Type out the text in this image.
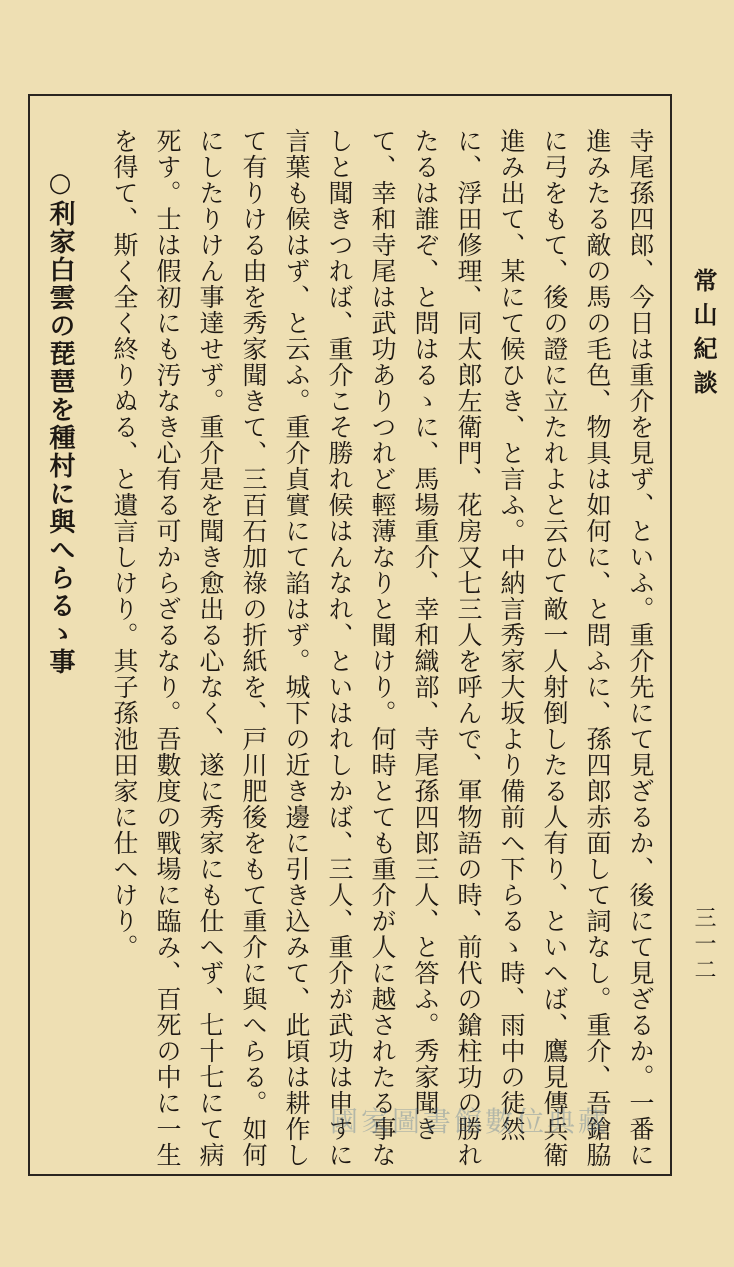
常山紀談
三一二

寺尾孫四郎、今日は重介を見ず、といふ。重介先にて見ざるか、後にて見ざるか。一番に進みたる敵の馬の毛色、物具は如何に、と問ふに、孫四郎赤面して詞なし。重介、吾鎗脇に弓をもて、後の證に立たれよと云ひて敵一人射倒したる人有り、といへば、鷹見傳兵衛進み出て、某にて候ひき、と言ふ。中納言秀家大坂より備前へ下らるゝ時、雨中の徒然に、浮田修理、同太郎左衛門、花房又七三人を呼んで、軍物語の時、前代の鎗柱功の勝れたるは誰ぞ、と問はるゝに、馬場重介、幸和織部、寺尾孫四郎三人、と答ふ。秀家聞きて、幸和寺尾は武功ありつれど輕薄なりと聞けり。何時とても重介が人に越されたる事なしと聞きつれば、重介こそ勝れ候はんなれ、といはれしかば、三人、重介が武功は申すに言葉も候はず、と云ふ。重介貞實にて諂はず。城下の近き邊に引き込みて、此頃は耕作して有りける由を秀家聞きて、三百石加祿の折紙を、戸川肥後をもて重介に與へらる。如何にしたりけん事達せず。重介是を聞き愈出る心なく、遂に秀家にも仕へず、七十七にて病死す。士は假初にも汚なき心有る可からざるなり。吾數度の戰場に臨み、百死の中に一生を得て、斯く全く終りぬる、と遺言しけり。其子孫池田家に仕へけり。

○利家白雲の琵琶を種村に與へらるゝ事

國家圖書館數位典藏
